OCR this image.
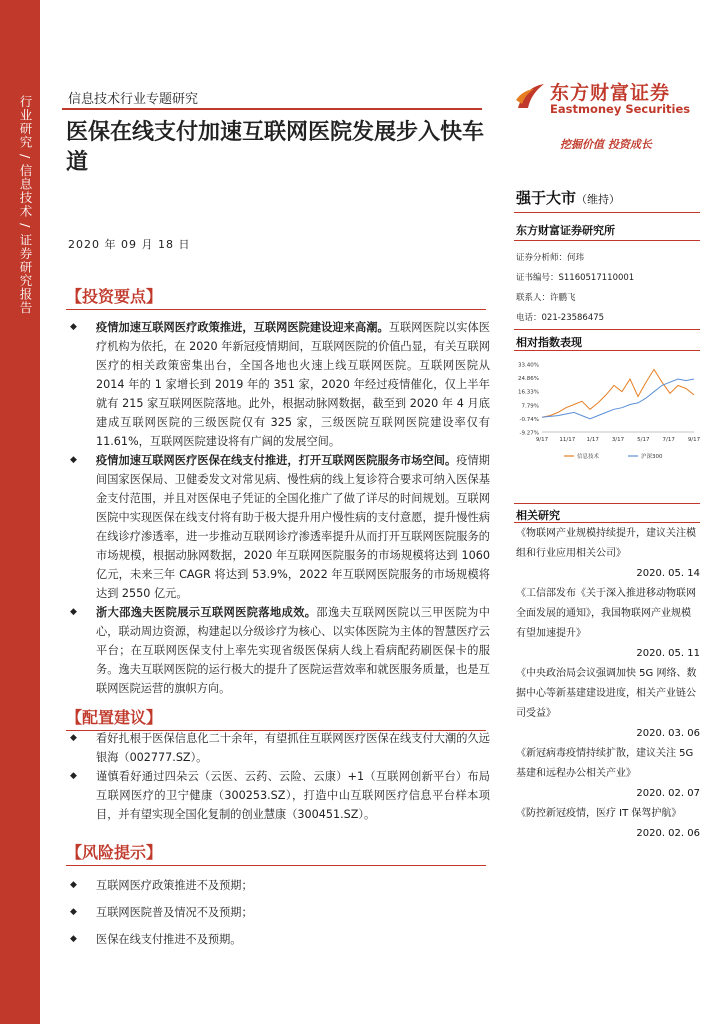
行业研究 / 信息技术 / 证券研究报告	信息技术行业专题研究
医保在线支付加速互联网医院发展步入快车道
2020 年 09 月 18 日
【投资要点】
◆ 疫情加速互联网医疗政策推进，互联网医院建设迎来高潮。互联网医院以实体医疗机构为依托，在 2020 年新冠疫情期间，互联网医院的价值凸显，有关互联网医疗的相关政策密集出台，全国各地也火速上线互联网医院。互联网医院从 2014 年的 1 家增长到 2019 年的 351 家，2020 年经过疫情催化，仅上半年就有 215 家互联网医院落地。此外，根据动脉网数据，截至到 2020 年 4 月底建成互联网医院的三级医院仅有 325 家，三级医院互联网医院建设率仅有 11.61%，互联网医院建设将有广阔的发展空间。
◆ 疫情加速互联网医疗医保在线支付推进，打开互联网医院服务市场空间。疫情期间国家医保局、卫健委发文对常见病、慢性病的线上复诊符合要求可纳入医保基金支付范围，并且对医保电子凭证的全国化推广了做了详尽的时间规划。互联网医院中实现医保在线支付将有助于极大提升用户慢性病的支付意愿，提升慢性病在线诊疗渗透率，进一步推动互联网诊疗渗透率提升从而打开互联网医院服务的市场规模，根据动脉网数据，2020 年互联网医院服务的市场规模将达到 1060 亿元，未来三年 CAGR 将达到 53.9%，2022 年互联网医院服务的市场规模将达到 2550 亿元。
◆ 浙大邵逸夫医院展示互联网医院落地成效。邵逸夫互联网医院以三甲医院为中心，联动周边资源，构建起以分级诊疗为核心、以实体医院为主体的智慧医疗云平台；在互联网医保支付上率先实现省级医保病人线上看病配药刷医保卡的服务。逸夫互联网医院的运行极大的提升了医院运营效率和就医服务质量，也是互联网医院运营的旗帜方向。
【配置建议】
◆ 看好扎根于医保信息化二十余年，有望抓住互联网医疗医保在线支付大潮的久远银海（002777.SZ）。
◆ 谨慎看好通过四朵云（云医、云药、云险、云康）+1（互联网创新平台）布局互联网医疗的卫宁健康（300253.SZ），打造中山互联网医疗信息平台样本项目，并有望实现全国化复制的创业慧康（300451.SZ）。
【风险提示】
◆ 互联网医疗政策推进不及预期；
◆ 互联网医院普及情况不及预期；
◆ 医保在线支付推进不及预期。
东方财富证券
Eastmoney Securities
挖掘价值 投资成长
强于大市（维持）
东方财富证券研究所
证券分析师：何玮
证书编号：S1160517110001
联系人：许鹏飞
电话：021-23586475
相对指数表现
33.40%
24.86%
16.33%
7.79%
-0.74%
-9.27%
9/17 11/17 1/17 3/17 5/17 7/17 9/17
信息技术	沪深300
相关研究
《物联网产业规模持续提升，建议关注模组和行业应用相关公司》
2020. 05. 14
《工信部发布《关于深入推进移动物联网全面发展的通知》，我国物联网产业规模有望加速提升》
2020. 05. 11
《中央政治局会议强调加快 5G 网络、数据中心等新基建建设进度，相关产业链公司受益》
2020. 03. 06
《新冠病毒疫情持续扩散，建议关注 5G 基建和远程办公相关产业》
2020. 02. 07
《防控新冠疫情，医疗 IT 保驾护航》
2020. 02. 06
